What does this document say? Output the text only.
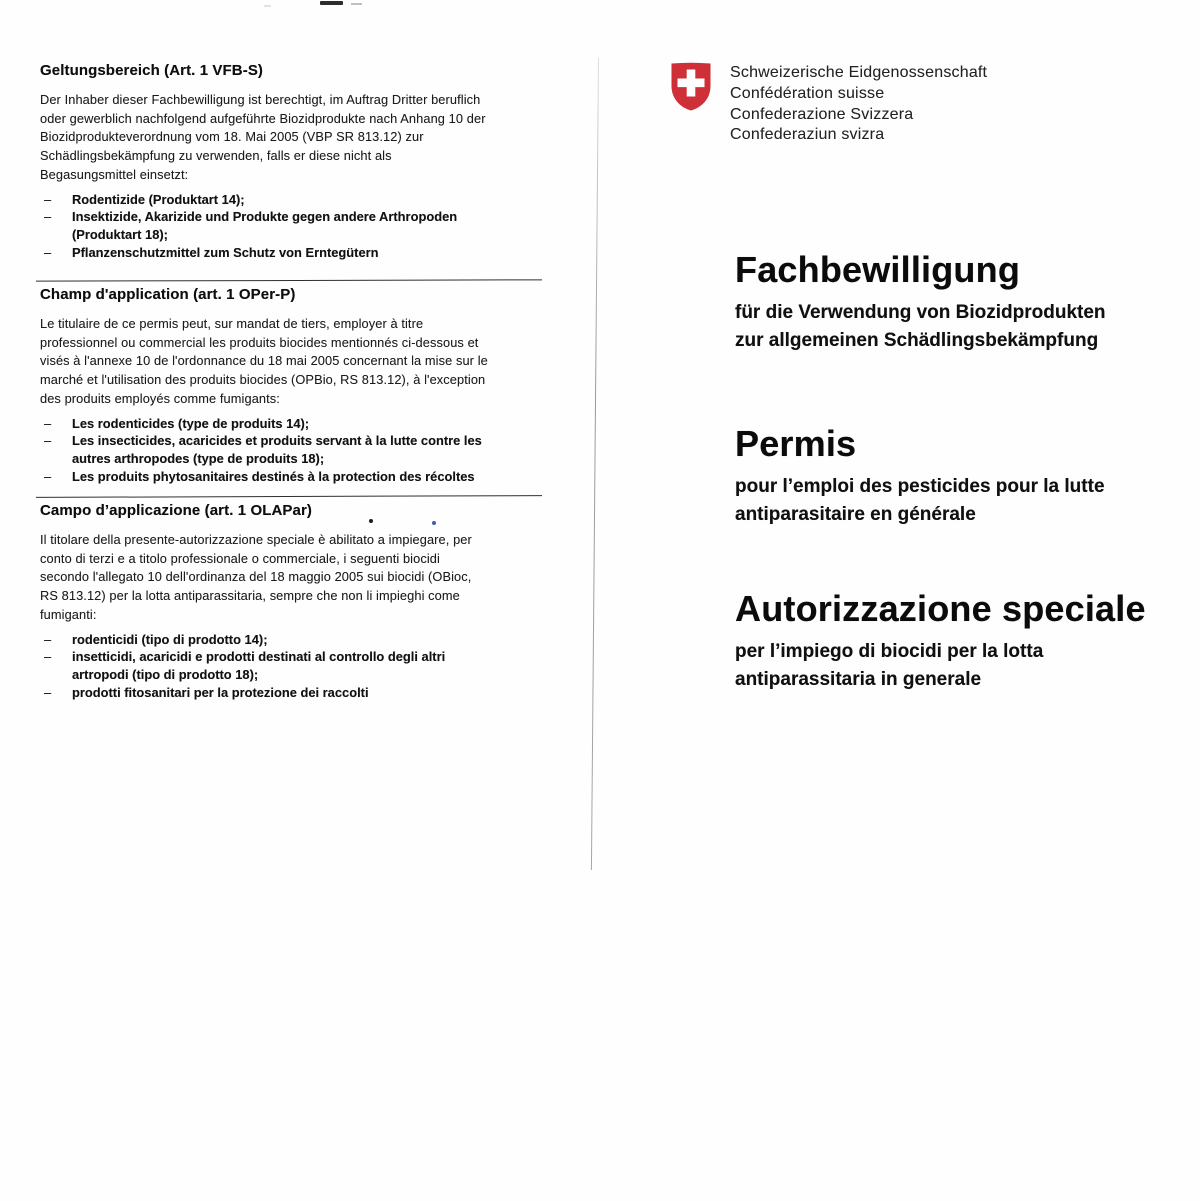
Geltungsbereich (Art. 1 VFB-S)
Der Inhaber dieser Fachbewilligung ist berechtigt, im Auftrag Dritter beruflich
oder gewerblich nachfolgend aufgeführte Biozidprodukte nach Anhang 10 der
Biozidprodukteverordnung vom 18. Mai 2005 (VBP SR 813.12) zur
Schädlingsbekämpfung zu verwenden, falls er diese nicht als
Begasungsmittel einsetzt:
–	Rodentizide (Produktart 14);
–	Insektizide, Akarizide und Produkte gegen andere Arthropoden
(Produktart 18);
–	Pflanzenschutzmittel zum Schutz von Erntegütern
Champ d'application (art. 1 OPer-P)
Le titulaire de ce permis peut, sur mandat de tiers, employer à titre
professionnel ou commercial les produits biocides mentionnés ci-dessous et
visés à l'annexe 10 de l'ordonnance du 18 mai 2005 concernant la mise sur le
marché et l'utilisation des produits biocides (OPBio, RS 813.12), à l'exception
des produits employés comme fumigants:
–	Les rodenticides (type de produits 14);
–	Les insecticides, acaricides et produits servant à la lutte contre les
autres arthropodes (type de produits 18);
–	Les produits phytosanitaires destinés à la protection des récoltes
Campo d’applicazione (art. 1 OLAPar)
Il titolare della presente-autorizzazione speciale è abilitato a impiegare, per
conto di terzi e a titolo professionale o commerciale, i seguenti biocidi
secondo l'allegato 10 dell'ordinanza del 18 maggio 2005 sui biocidi (OBioc,
RS 813.12) per la lotta antiparassitaria, sempre che non li impieghi come
fumiganti:
–	rodenticidi (tipo di prodotto 14);
–	insetticidi, acaricidi e prodotti destinati al controllo degli altri
artropodi (tipo di prodotto 18);
–	prodotti fitosanitari per la protezione dei raccolti
Schweizerische Eidgenossenschaft
Confédération suisse
Confederazione Svizzera
Confederaziun svizra
Fachbewilligung
für die Verwendung von Biozidprodukten
zur allgemeinen Schädlingsbekämpfung
Permis
pour l’emploi des pesticides pour la lutte
antiparasitaire en générale
Autorizzazione speciale
per l’impiego di biocidi per la lotta
antiparassitaria in generale
